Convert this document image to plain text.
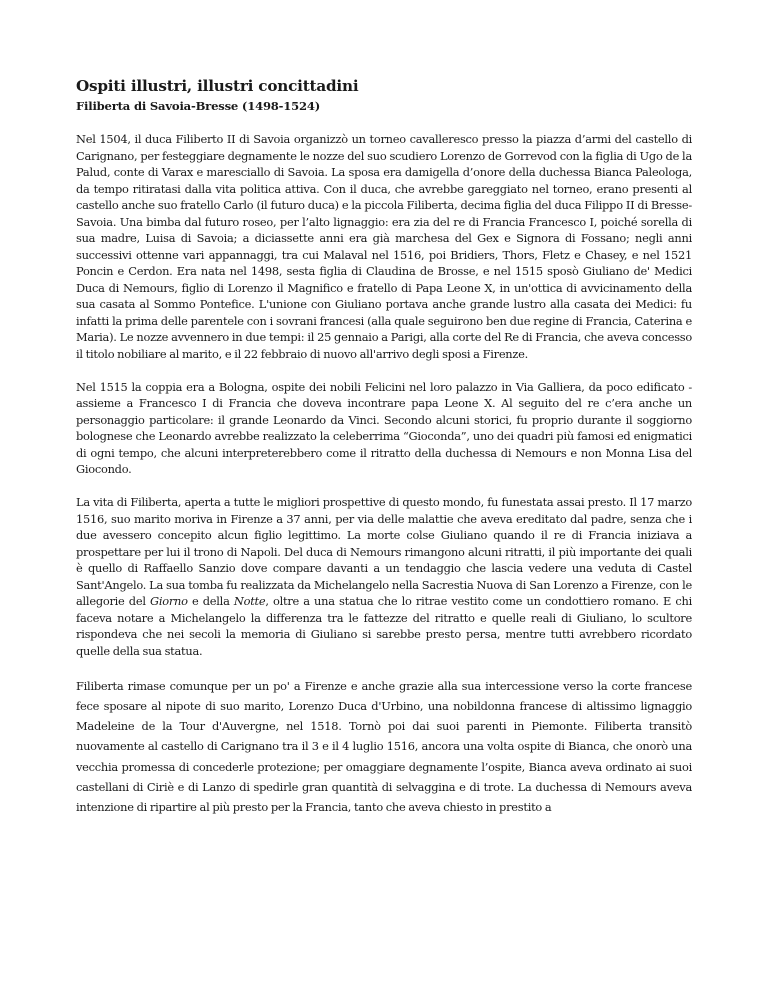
Ospiti illustri, illustri concittadini
Filiberta di Savoia-Bresse (1498-1524)

Nel 1504, il duca Filiberto II di Savoia organizzò un torneo cavalleresco presso la piazza d’armi del castello di Carignano, per festeggiare degnamente le nozze del suo scudiero Lorenzo de Gorrevod con la figlia di Ugo de la Palud, conte di Varax e maresciallo di Savoia. La sposa era damigella d’onore della duchessa Bianca Paleologa, da tempo ritiratasi dalla vita politica attiva. Con il duca, che avrebbe gareggiato nel torneo, erano presenti al castello anche suo fratello Carlo (il futuro duca) e la piccola Filiberta, decima figlia del duca Filippo II di Bresse-Savoia. Una bimba dal futuro roseo, per l’alto lignaggio: era zia del re di Francia Francesco I, poiché sorella di sua madre, Luisa di Savoia; a diciassette anni era già marchesa del Gex e Signora di Fossano; negli anni successivi ottenne vari appannaggi, tra cui Malaval nel 1516, poi Bridiers, Thors, Fletz e Chasey, e nel 1521 Poncin e Cerdon. Era nata nel 1498, sesta figlia di Claudina de Brosse, e nel 1515 sposò Giuliano de' Medici Duca di Nemours, figlio di Lorenzo il Magnifico e fratello di Papa Leone X, in un'ottica di avvicinamento della sua casata al Sommo Pontefice. L'unione con Giuliano portava anche grande lustro alla casata dei Medici: fu infatti la prima delle parentele con i sovrani francesi (alla quale seguirono ben due regine di Francia, Caterina e Maria). Le nozze avvennero in due tempi: il 25 gennaio a Parigi, alla corte del Re di Francia, che aveva concesso il titolo nobiliare al marito, e il 22 febbraio di nuovo all'arrivo degli sposi a Firenze.

Nel 1515 la coppia era a Bologna, ospite dei nobili Felicini nel loro palazzo in Via Galliera, da poco edificato - assieme a Francesco I di Francia che doveva incontrare papa Leone X. Al seguito del re c’era anche un personaggio particolare: il grande Leonardo da Vinci. Secondo alcuni storici, fu proprio durante il soggiorno bolognese che Leonardo avrebbe realizzato la celeberrima “Gioconda”, uno dei quadri più famosi ed enigmatici di ogni tempo, che alcuni interpreterebbero come il ritratto della duchessa di Nemours e non Monna Lisa del Giocondo.

La vita di Filiberta, aperta a tutte le migliori prospettive di questo mondo, fu funestata assai presto. Il 17 marzo 1516, suo marito moriva in Firenze a 37 anni, per via delle malattie che aveva ereditato dal padre, senza che i due avessero concepito alcun figlio legittimo. La morte colse Giuliano quando il re di Francia iniziava a prospettare per lui il trono di Napoli. Del duca di Nemours rimangono alcuni ritratti, il più importante dei quali è quello di Raffaello Sanzio dove compare davanti a un tendaggio che lascia vedere una veduta di Castel Sant'Angelo. La sua tomba fu realizzata da Michelangelo nella Sacrestia Nuova di San Lorenzo a Firenze, con le allegorie del Giorno e della Notte, oltre a una statua che lo ritrae vestito come un condottiero romano. E chi faceva notare a Michelangelo la differenza tra le fattezze del ritratto e quelle reali di Giuliano, lo scultore rispondeva che nei secoli la memoria di Giuliano si sarebbe presto persa, mentre tutti avrebbero ricordato quelle della sua statua.

Filiberta rimase comunque per un po' a Firenze e anche grazie alla sua intercessione verso la corte francese fece sposare al nipote di suo marito, Lorenzo Duca d'Urbino, una nobildonna francese di altissimo lignaggio Madeleine de la Tour d'Auvergne, nel 1518. Tornò poi dai suoi parenti in Piemonte. Filiberta transitò nuovamente al castello di Carignano tra il 3 e il 4 luglio 1516, ancora una volta ospite di Bianca, che onorò una vecchia promessa di concederle protezione; per omaggiare degnamente l’ospite, Bianca aveva ordinato ai suoi castellani di Ciriè e di Lanzo di spedirle gran quantità di selvaggina e di trote. La duchessa di Nemours aveva intenzione di ripartire al più presto per la Francia, tanto che aveva chiesto in prestito a
